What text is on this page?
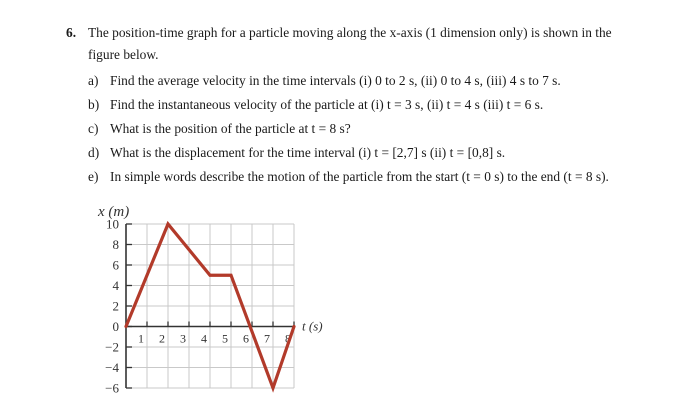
6. The position-time graph for a particle moving along the x-axis (1 dimension only) is shown in the
figure below.
a) Find the average velocity in the time intervals (i) 0 to 2 s, (ii) 0 to 4 s, (iii) 4 s to 7 s.
b) Find the instantaneous velocity of the particle at (i) t = 3 s, (ii) t = 4 s (iii) t = 6 s.
c) What is the position of the particle at t = 8 s?
d) What is the displacement for the time interval (i) t = [2,7] s (ii) t = [0,8] s.
e) In simple words describe the motion of the particle from the start (t = 0 s) to the end (t = 8 s).
10
8
6
4
2
0
−2
−4
−6
1 2 3 4 5 6 7 8
x (m)
t (s)
